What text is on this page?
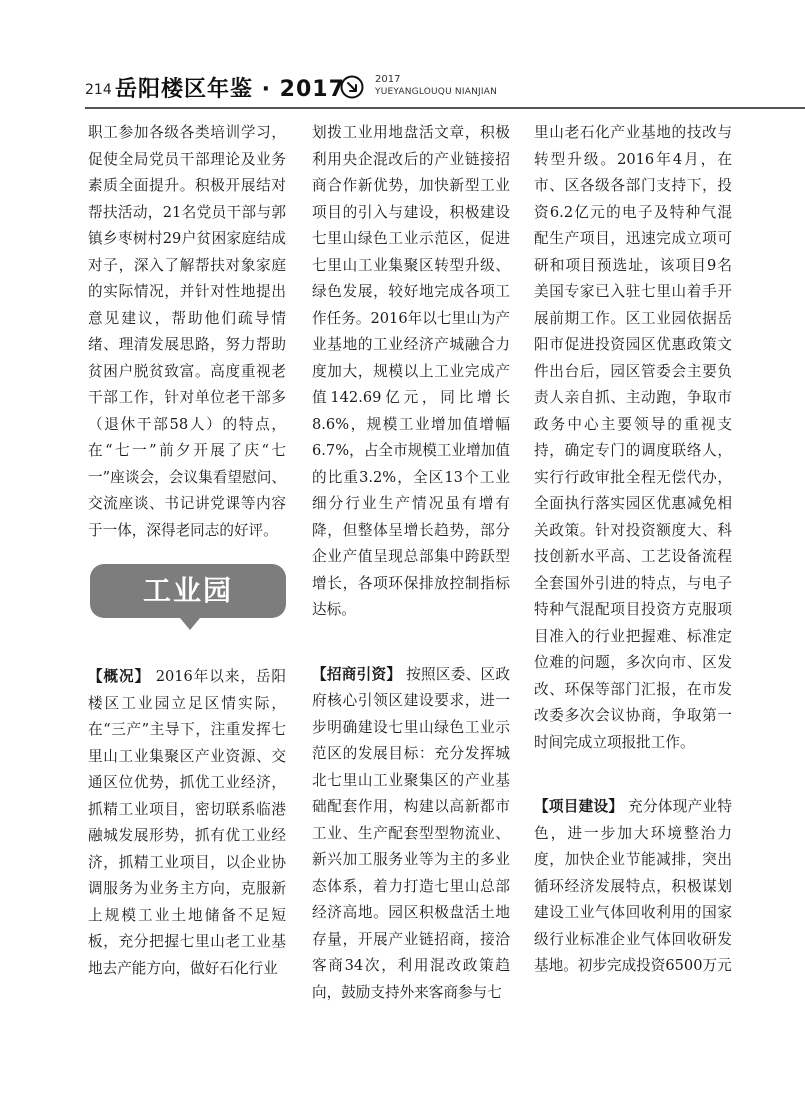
214 岳阳楼区年鉴 · 2017	2017
YUEYANGLOUQU NIANJIAN

职工参加各级各类培训学习，促使全局党员干部理论及业务素质全面提升。积极开展结对帮扶活动，21名党员干部与郭镇乡枣树村29户贫困家庭结成对子，深入了解帮扶对象家庭的实际情况，并针对性地提出意见建议，帮助他们疏导情绪、理清发展思路，努力帮助贫困户脱贫致富。高度重视老干部工作，针对单位老干部多（退休干部58人）的特点，在“七一”前夕开展了庆“七一”座谈会，会议集看望慰问、交流座谈、书记讲党课等内容于一体，深得老同志的好评。

工业园

【概况】 2016年以来，岳阳楼区工业园立足区情实际，在“三产”主导下，注重发挥七里山工业集聚区产业资源、交通区位优势，抓优工业经济，抓精工业项目，密切联系临港融城发展形势，抓有优工业经济，抓精工业项目，以企业协调服务为业务主方向，克服新上规模工业土地储备不足短板，充分把握七里山老工业基地去产能方向，做好石化行业

划拨工业用地盘活文章，积极利用央企混改后的产业链接招商合作新优势，加快新型工业项目的引入与建设，积极建设七里山绿色工业示范区，促进七里山工业集聚区转型升级、绿色发展，较好地完成各项工作任务。2016年以七里山为产业基地的工业经济产城融合力度加大，规模以上工业完成产值142.69亿元，同比增长8.6%，规模工业增加值增幅6.7%，占全市规模工业增加值的比重3.2%，全区13个工业细分行业生产情况虽有增有降，但整体呈增长趋势，部分企业产值呈现总部集中跨跃型增长，各项环保排放控制指标达标。

【招商引资】 按照区委、区政府核心引领区建设要求，进一步明确建设七里山绿色工业示范区的发展目标：充分发挥城北七里山工业聚集区的产业基础配套作用，构建以高新都市工业、生产配套型型物流业、新兴加工服务业等为主的多业态体系，着力打造七里山总部经济高地。园区积极盘活土地存量，开展产业链招商，接洽客商34次，利用混改政策趋向，鼓励支持外来客商参与七

里山老石化产业基地的技改与转型升级。2016年4月，在市、区各级各部门支持下，投资6.2亿元的电子及特种气混配生产项目，迅速完成立项可研和项目预选址，该项目9名美国专家已入驻七里山着手开展前期工作。区工业园依据岳阳市促进投资园区优惠政策文件出台后，园区管委会主要负责人亲自抓、主动跑，争取市政务中心主要领导的重视支持，确定专门的调度联络人，实行行政审批全程无偿代办，全面执行落实园区优惠减免相关政策。针对投资额度大、科技创新水平高、工艺设备流程全套国外引进的特点，与电子特种气混配项目投资方克服项目准入的行业把握难、标准定位难的问题，多次向市、区发改、环保等部门汇报，在市发改委多次会议协商，争取第一时间完成立项报批工作。

【项目建设】 充分体现产业特色，进一步加大环境整治力度，加快企业节能减排，突出循环经济发展特点，积极谋划建设工业气体回收利用的国家级行业标准企业气体回收研发基地。初步完成投资6500万元
